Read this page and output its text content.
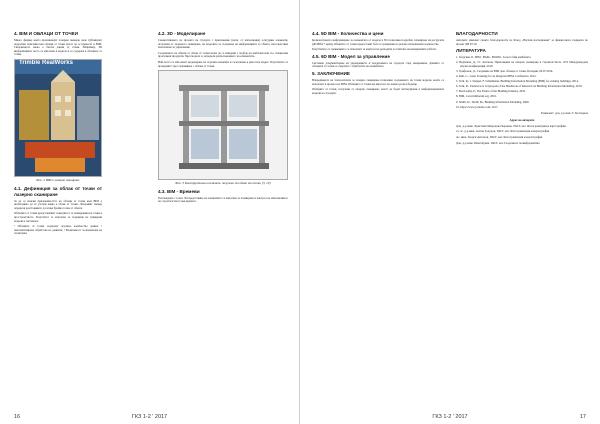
4. BIM И ОБЛАЦИ ОТ ТОЧКИ
Много фирми, които произвеждат лазерни скенери, вече публикуват подробни описания как облаци от точки могат да се пренесат в BIM. Свързващото звено е базата данни от точки. Например, 3D информацията често се използва в модела и се съдържа в облаците от точки.
Trimble RealWorks
Фиг. 2 BIM и лазерно сканиране
4.1. Дефиниция за облак от точки от лазерно сканиране
За да се изясни приложимостта на облаци от точки към BIM е необходимо да се уточни какво е облак от точки. Лазерният скенер определя разстоянието до всяка бройна точка от обекта.
Облаците от точки представляват съвкупност от измервания на точки в пространството. Резултатът се използва за създаване на тримерни модели в системата.
• Облаците от точки съдържат огромно количество данни; • Автоматизирана обработка на данните; • Възможност за извличане на геометрия.
4.2. 3D - Моделиране
Съвместяването на проекта на сградата с приложение (напр. от изпълнение) осигурява елементи, получени от лазерното сканиране, на моделите за създаване на информацията за обекта, впоследствие използвана за управление.
Създаването на обекти от облак от точки може да се извърши с подбор на шаблони или със специални програмни продукти. Чрез модела се определя разположението на елементите.
Най-често се използват моделиране на отделни елементи и съчетаване в цялостен модел. Резултатите се проверяват чрез сравняване с облака от точки.
Фиг. 3 Конструктивни елементи, получени от облак от точки [3, 10]
4.3. BIM - Времеви
Разглеждане с точно 3D представяне на елементите се използва за планиране и контрол на изпълнението на строителството във времето.
16	ГКЗ 1-2 ' 2017
4.4. 5D BIM - Количества и цени
Количественото информиране за елементите от модела в 3D позволява подробно планиране на ресурсите (4D BIM + цени). Обектите от точки предоставят база за сравнение на реално изпълнените количества.
Резултатите от сравнението се използват за контрол на разходите и отчитане на извършените работи.
4.5. 6D BIM - Модел за управление
Системно документиране на управлението и поддръжката на сградата след завършване. Данните от облаците от точки се свързват с атрибутите на елементите.
5. ЗАКЛЮЧЕНИЕ
Напредването на технологиите за лазерно сканиране позволява създаването на точни модели, които се използват в процеса на BIM. Облаците от точки ще имат все по-важна роля в бъдеще.
Облаците от точки, получени от лазерно сканиране, могат да бъдат интегрирани в информационните модели на сградите.
БЛАГОДАРНОСТИ
Авторите изказват своите благодарности на Фонд „Научни изследвания“ за финансовата подкрепа по проект ДН 07/10.
ЛИТЕРАТУРА
1. Георгиев, Б., BIM - ВАМ - ВООМ - За кого бим камбаната.
2. Недялков, Д., Ст. Антонов, Приложение на лазерно сканиране в строителството, XVI Международна научна конференция, 2016.
3. Трифонов, Д., Създаване на BIM чрез облаци от точки, Пловдив, 09.07.2014.
4. Kim, C., Laser Scanning for an Integrated BIM, Conference, 2012.
5. Volk, R., J. Stengel, F. Schultmann, Building Information Modeling (BIM) for existing buildings, 2014.
6. Volk, R., Underwood, A Synopsis of the Handbook of Research on Building Information Modelling, 2010.
7. MacLeamy, P., The Future of the Building Industry, 2010.
8. BIM, www.bimforum.org, 2016.
9. Smith, D., Tardif, M., Building Information Modeling, 2009.
10. https://www.youtube.com, 2017.
Рецензент: доц. д-р инж. Т. Колтаднов
Адрес на авторите
Доц. д-р инж. Христина Миронова Чернева, УАСГ, кат. Фотограметрия и картография
гл. ас. д-р инж. Антон Тодоров, УАСГ, кат. Фотограметрия и картография
Ас. инж. Георги Антонов, УАСГ, кат. Фотограметрия и картография
Доц. д-р инж. Иван Кунев, УАСГ, кат. Геодезия и геоинформатика
ГКЗ 1-2 ' 2017	17
